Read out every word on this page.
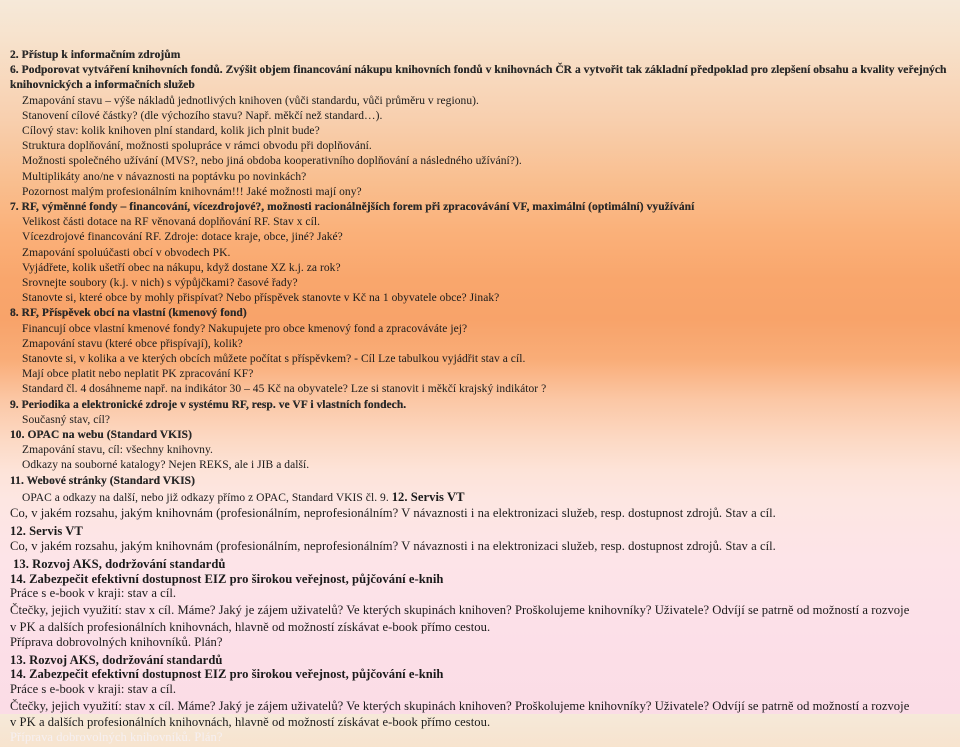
2. Přístup k informačním zdrojům
6. Podporovat vytváření knihovních fondů. Zvýšit objem financování nákupu knihovních fondů v knihovnách ČR a vytvořit tak základní předpoklad pro zlepšení obsahu a kvality veřejných knihovnických a informačních služeb
Zmapování stavu – výše nákladů jednotlivých knihoven (vůči standardu, vůči průměru v regionu).
Stanovení cílové částky? (dle výchozího stavu? Např. měkčí než standard…).
Cílový stav: kolik knihoven plní standard, kolik jich plnit bude?
Struktura doplňování, možnosti spolupráce v rámci obvodu při doplňování.
Možnosti společného užívání (MVS?, nebo jiná obdoba kooperativního doplňování a následného užívání?).
Multiplikáty ano/ne v návaznosti na poptávku po novinkách?
Pozornost malým profesionálním knihovnám!!! Jaké možnosti mají ony?
7. RF, výměnné fondy – financování, vícezdrojové?, možnosti racionálnějších forem při zpracovávání VF, maximální (optimální) využívání
Velikost části dotace na RF věnovaná doplňování RF. Stav x cíl.
Vícezdrojové financování RF. Zdroje: dotace kraje, obce, jiné? Jaké?
Zmapování spoluúčasti obcí v obvodech PK.
Vyjádřete, kolik ušetří obec na nákupu, když dostane XZ k.j. za rok?
Srovnejte soubory (k.j. v nich) s výpůjčkami? časové řady?
Stanovte si, které obce by mohly přispívat? Nebo příspěvek stanovte v Kč na 1 obyvatele obce? Jinak?
8. RF, Příspěvek obcí na vlastní (kmenový fond)
Financují obce vlastní kmenové fondy? Nakupujete pro obce kmenový fond a zpracováváte jej?
Zmapování stavu (které obce přispívají), kolik?
Stanovte si, v kolika a ve kterých obcích můžete počítat s příspěvkem? - Cíl Lze tabulkou vyjádřit stav a cíl.
Mají obce platit nebo neplatit PK zpracování KF?
Standard čl. 4 dosáhneme např. na indikátor 30 – 45 Kč na obyvatele? Lze si stanovit i měkčí krajský indikátor ?
9. Periodika a elektronické zdroje v systému RF, resp. ve VF i vlastních fondech.
Současný stav, cíl?
10. OPAC na webu (Standard VKIS)
Zmapování stavu, cíl: všechny knihovny.
Odkazy na souborné katalogy? Nejen REKS, ale i JIB a další.
11. Webové stránky (Standard VKIS)
OPAC a odkazy na další, nebo již odkazy přímo z OPAC, Standard VKIS čl. 9. 12. Servis VT
Co, v jakém rozsahu, jakým knihovnám (profesionálním, neprofesionálním? V návaznosti i na elektronizaci služeb, resp. dostupnost zdrojů. Stav a cíl.
12. Servis VT
Co, v jakém rozsahu, jakým knihovnám (profesionálním, neprofesionálním? V návaznosti i na elektronizaci služeb, resp. dostupnost zdrojů. Stav a cíl.
13. Rozvoj AKS, dodržování standardů
14. Zabezpečit efektivní dostupnost EIZ pro širokou veřejnost, půjčování e-knih
Práce s e-book v kraji: stav a cíl.
Čtečky, jejich využití: stav x cíl. Máme? Jaký je zájem uživatelů? Ve kterých skupinách knihoven? Proškolujeme knihovníky? Uživatele? Odvíjí se patrně od možností a rozvoje
v PK a dalších profesionálních knihovnách, hlavně od možností získávat e-book přímo cestou.
Příprava dobrovolných knihovníků. Plán?
13. Rozvoj AKS, dodržování standardů
14. Zabezpečit efektivní dostupnost EIZ pro širokou veřejnost, půjčování e-knih
Práce s e-book v kraji: stav a cíl.
Čtečky, jejich využití: stav x cíl. Máme? Jaký je zájem uživatelů? Ve kterých skupinách knihoven? Proškolujeme knihovníky? Uživatele? Odvíjí se patrně od možností a rozvoje
v PK a dalších profesionálních knihovnách, hlavně od možností získávat e-book přímo cestou.
Příprava dobrovolných knihovníků. Plán?
